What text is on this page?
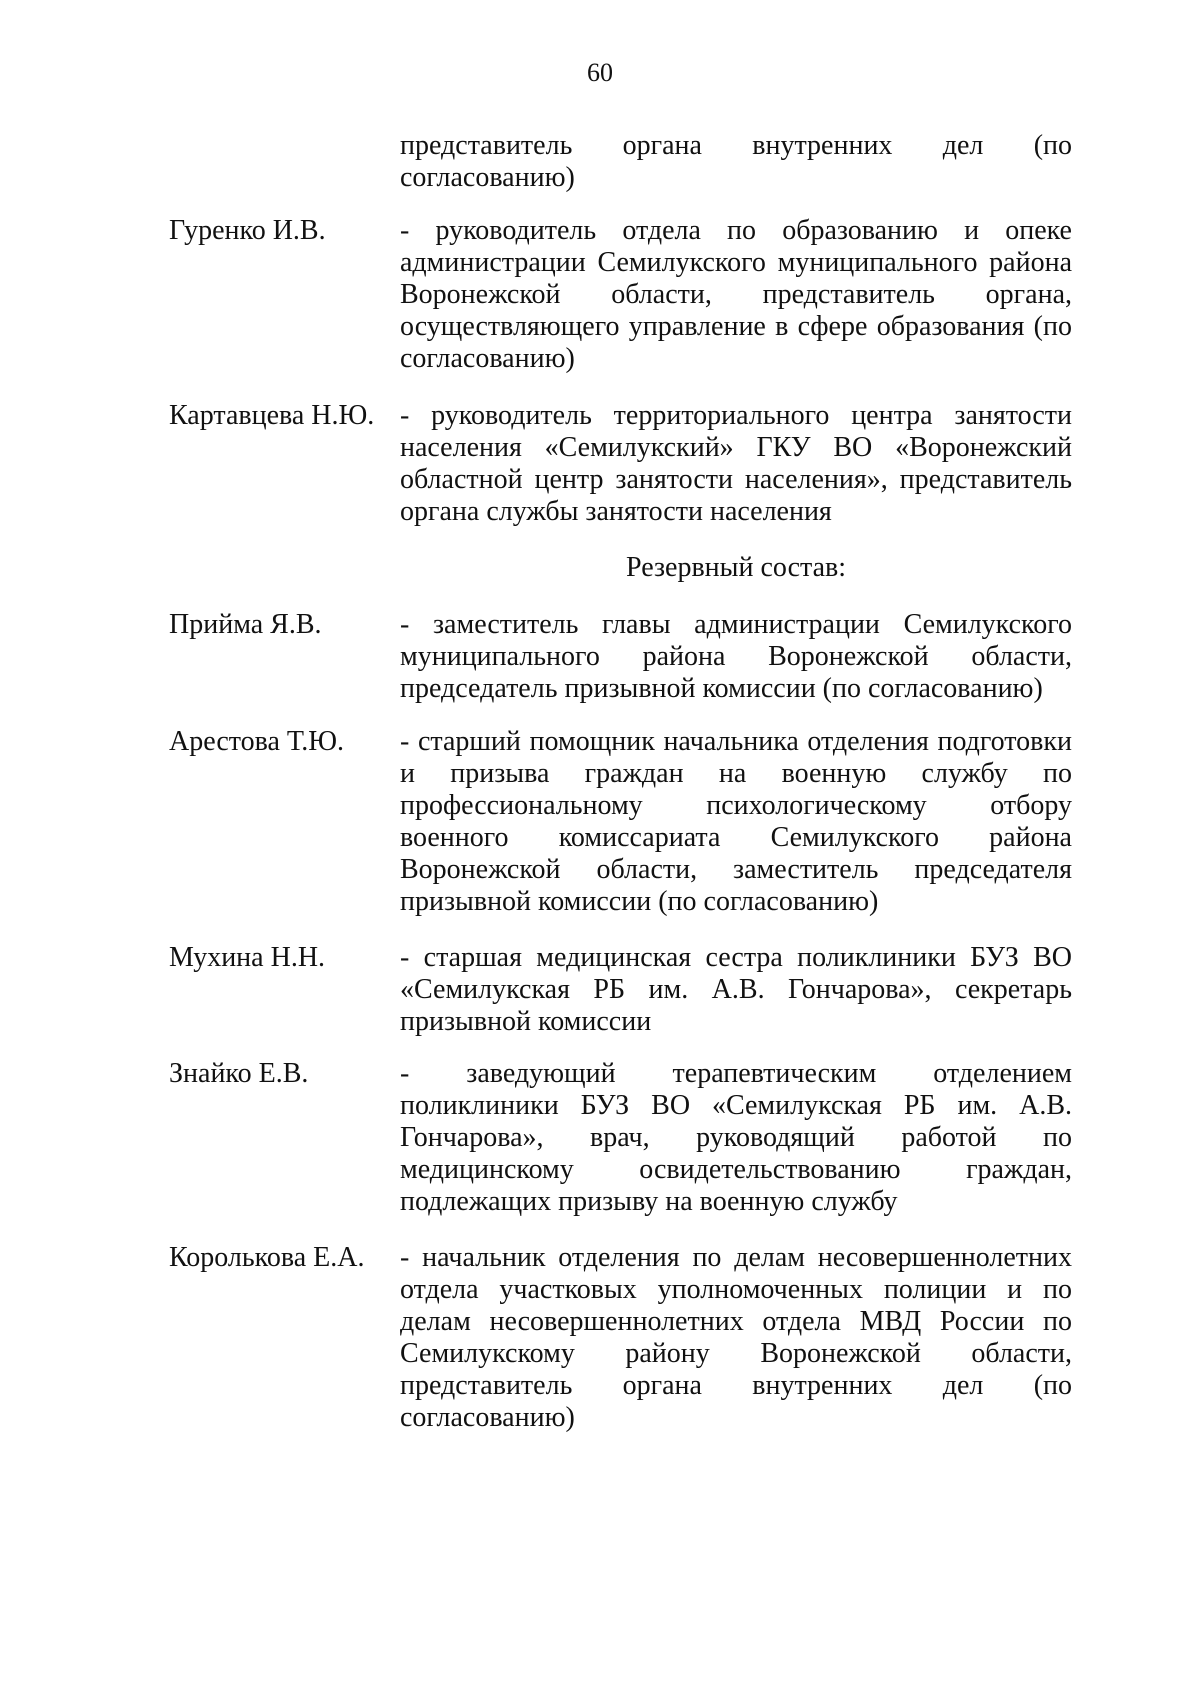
60
представитель органа внутренних дел (по
согласованию)
Гуренко И.В.	- руководитель отдела по образованию и опеке
администрации Семилукского муниципального района
Воронежской области, представитель органа,
осуществляющего управление в сфере образования (по
согласованию)
Картавцева Н.Ю. - руководитель территориального центра занятости
населения «Семилукский» ГКУ ВО «Воронежский
областной центр занятости населения», представитель
органа службы занятости населения
Резервный состав:
Прийма Я.В.	- заместитель главы администрации Семилукского
муниципального района Воронежской области,
председатель призывной комиссии (по согласованию)
Арестова Т.Ю. - старший помощник начальника отделения подготовки
и призыва граждан на военную службу по
профессиональному психологическому отбору
военного комиссариата Семилукского района
Воронежской области, заместитель председателя
призывной комиссии (по согласованию)
Мухина Н.Н.	- старшая медицинская сестра поликлиники БУЗ ВО
«Семилукская РБ им. А.В. Гончарова», секретарь
призывной комиссии
Знайко Е.В.	- заведующий терапевтическим отделением
поликлиники БУЗ ВО «Семилукская РБ им. А.В.
Гончарова», врач, руководящий работой по
медицинскому освидетельствованию граждан,
подлежащих призыву на военную службу
Королькова Е.А. - начальник отделения по делам несовершеннолетних
отдела участковых уполномоченных полиции и по
делам несовершеннолетних отдела МВД России по
Семилукскому району Воронежской области,
представитель органа внутренних дел (по
согласованию)
